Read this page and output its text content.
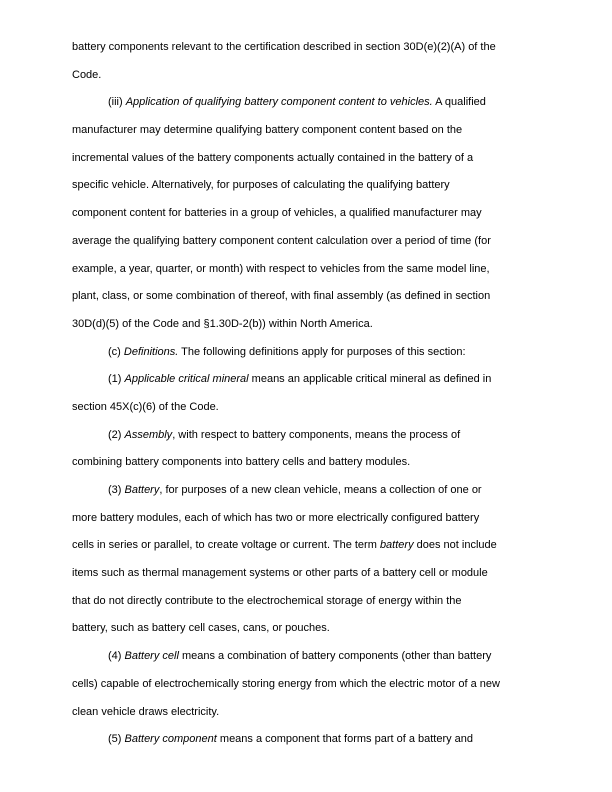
battery components relevant to the certification described in section 30D(e)(2)(A) of the
Code.
(iii) Application of qualifying battery component content to vehicles. A qualified
manufacturer may determine qualifying battery component content based on the
incremental values of the battery components actually contained in the battery of a
specific vehicle. Alternatively, for purposes of calculating the qualifying battery
component content for batteries in a group of vehicles, a qualified manufacturer may
average the qualifying battery component content calculation over a period of time (for
example, a year, quarter, or month) with respect to vehicles from the same model line,
plant, class, or some combination of thereof, with final assembly (as defined in section
30D(d)(5) of the Code and §1.30D-2(b)) within North America.
(c) Definitions. The following definitions apply for purposes of this section:
(1) Applicable critical mineral means an applicable critical mineral as defined in
section 45X(c)(6) of the Code.
(2) Assembly, with respect to battery components, means the process of
combining battery components into battery cells and battery modules.
(3) Battery, for purposes of a new clean vehicle, means a collection of one or
more battery modules, each of which has two or more electrically configured battery
cells in series or parallel, to create voltage or current. The term battery does not include
items such as thermal management systems or other parts of a battery cell or module
that do not directly contribute to the electrochemical storage of energy within the
battery, such as battery cell cases, cans, or pouches.
(4) Battery cell means a combination of battery components (other than battery
cells) capable of electrochemically storing energy from which the electric motor of a new
clean vehicle draws electricity.
(5) Battery component means a component that forms part of a battery and
